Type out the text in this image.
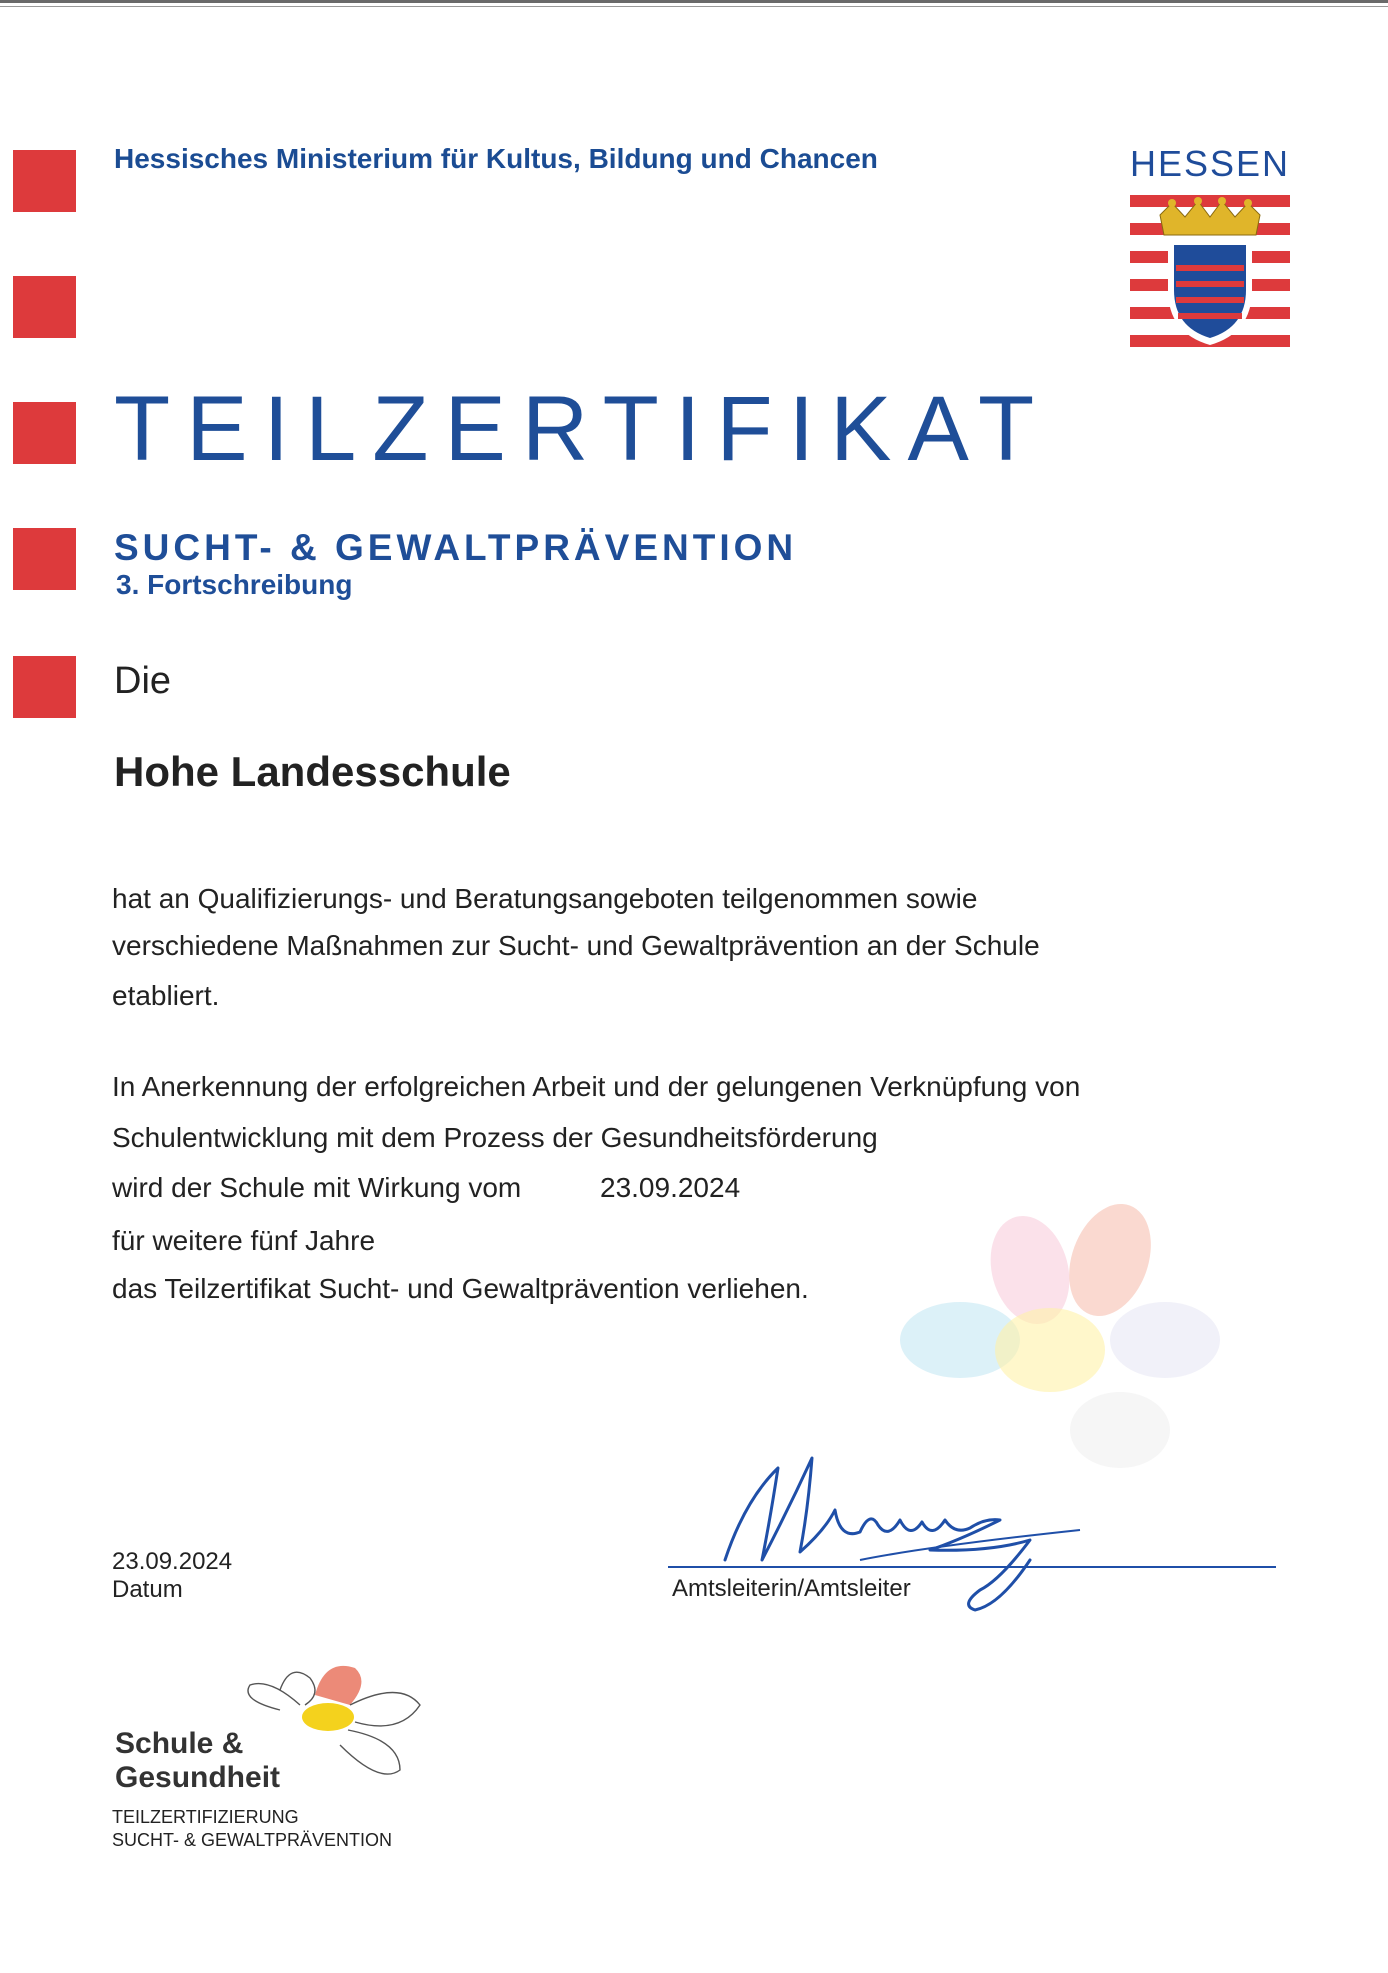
Hessisches Ministerium für Kultus, Bildung und Chancen	HESSEN
TEILZERTIFIKAT
SUCHT- & GEWALTPRÄVENTION
3. Fortschreibung
Die
Hohe Landesschule
hat an Qualifizierungs- und Beratungsangeboten teilgenommen sowie
verschiedene Maßnahmen zur Sucht- und Gewaltprävention an der Schule
etabliert.
In Anerkennung der erfolgreichen Arbeit und der gelungenen Verknüpfung von
Schulentwicklung mit dem Prozess der Gesundheitsförderung
wird der Schule mit Wirkung vom	23.09.2024
für weitere fünf Jahre
das Teilzertifikat Sucht- und Gewaltprävention verliehen.
23.09.2024
Datum	Amtsleiterin/Amtsleiter
Schule &
Gesundheit
TEILZERTIFIZIERUNG
SUCHT- & GEWALTPRÄVENTION
